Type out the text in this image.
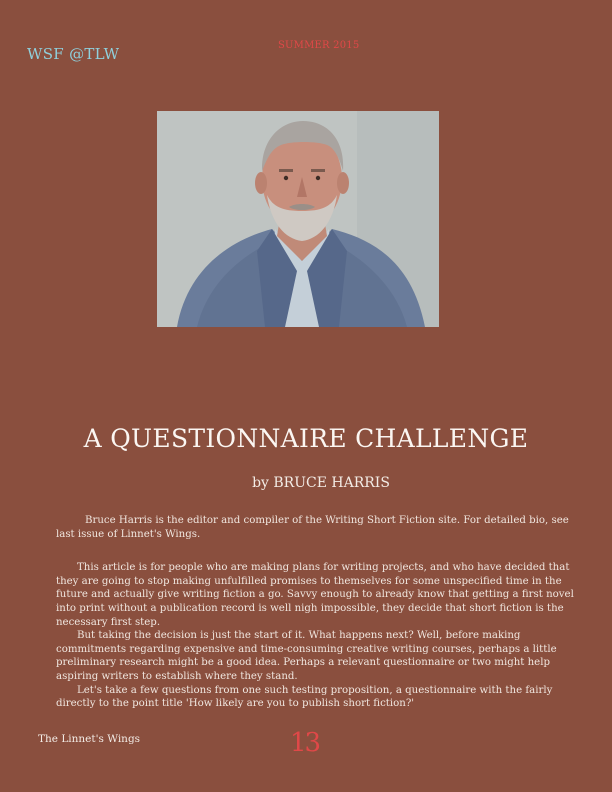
WSF @TLW	SUMMER 2015
A QUESTIONNAIRE CHALLENGE
by BRUCE HARRIS

Bruce Harris is the editor and compiler of the Writing Short Fiction site. For detailed bio, see last issue of Linnet's Wings.

This article is for people who are making plans for writing projects, and who have decided that they are going to stop making unfulfilled promises to themselves for some unspecified time in the future and actually give writing fiction a go. Savvy enough to already know that getting a first novel into print without a publication record is well nigh impossible, they decide that short fiction is the necessary first step.

But taking the decision is just the start of it. What happens next? Well, before making commitments regarding expensive and time-consuming creative writing courses, perhaps a little preliminary research might be a good idea. Perhaps a relevant questionnaire or two might help aspiring writers to establish where they stand.

Let's take a few questions from one such testing proposition, a questionnaire with the fairly directly to the point title 'How likely are you to publish short fiction?'

The Linnet's Wings	13
